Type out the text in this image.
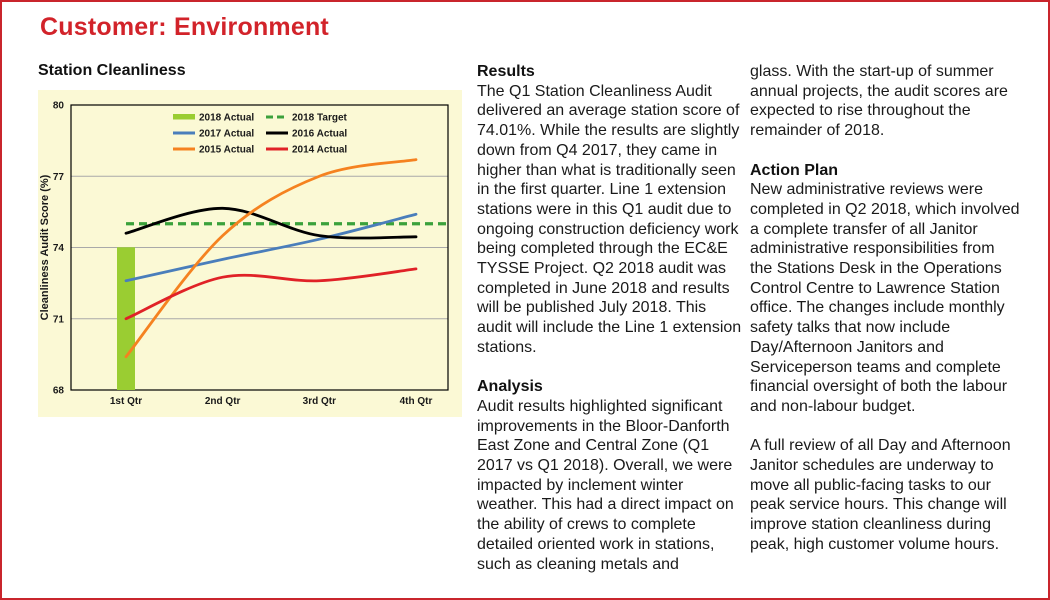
Customer: Environment
Station Cleanliness
68
71
74
77
80
1st Qtr	2nd Qtr	3rd Qtr	4th Qtr
Cleanliness Audit Score (%)
2018 Actual	2018 Target
2017 Actual	2016 Actual
2015 Actual	2014 Actual
Results

The Q1 Station Cleanliness Audit delivered an average station score of 74.01%. While the results are slightly down from Q4 2017, they came in higher than what is traditionally seen in the first quarter. Line 1 extension stations were in this Q1 audit due to ongoing construction deficiency work being completed through the EC&E TYSSE Project. Q2 2018 audit was completed in June 2018 and results will be published July 2018. This audit will include the Line 1 extension stations.

Analysis

Audit results highlighted significant improvements in the Bloor-Danforth East Zone and Central Zone (Q1 2017 vs Q1 2018). Overall, we were impacted by inclement winter weather. This had a direct impact on the ability of crews to complete detailed oriented work in stations, such as cleaning metals and

glass. With the start-up of summer annual projects, the audit scores are expected to rise throughout the remainder of 2018.

Action Plan

New administrative reviews were completed in Q2 2018, which involved a complete transfer of all Janitor administrative responsibilities from the Stations Desk in the Operations Control Centre to Lawrence Station office. The changes include monthly safety talks that now include Day/Afternoon Janitors and Serviceperson teams and complete financial oversight of both the labour and non-labour budget.

A full review of all Day and Afternoon Janitor schedules are underway to move all public-facing tasks to our peak service hours. This change will improve station cleanliness during peak, high customer volume hours.
